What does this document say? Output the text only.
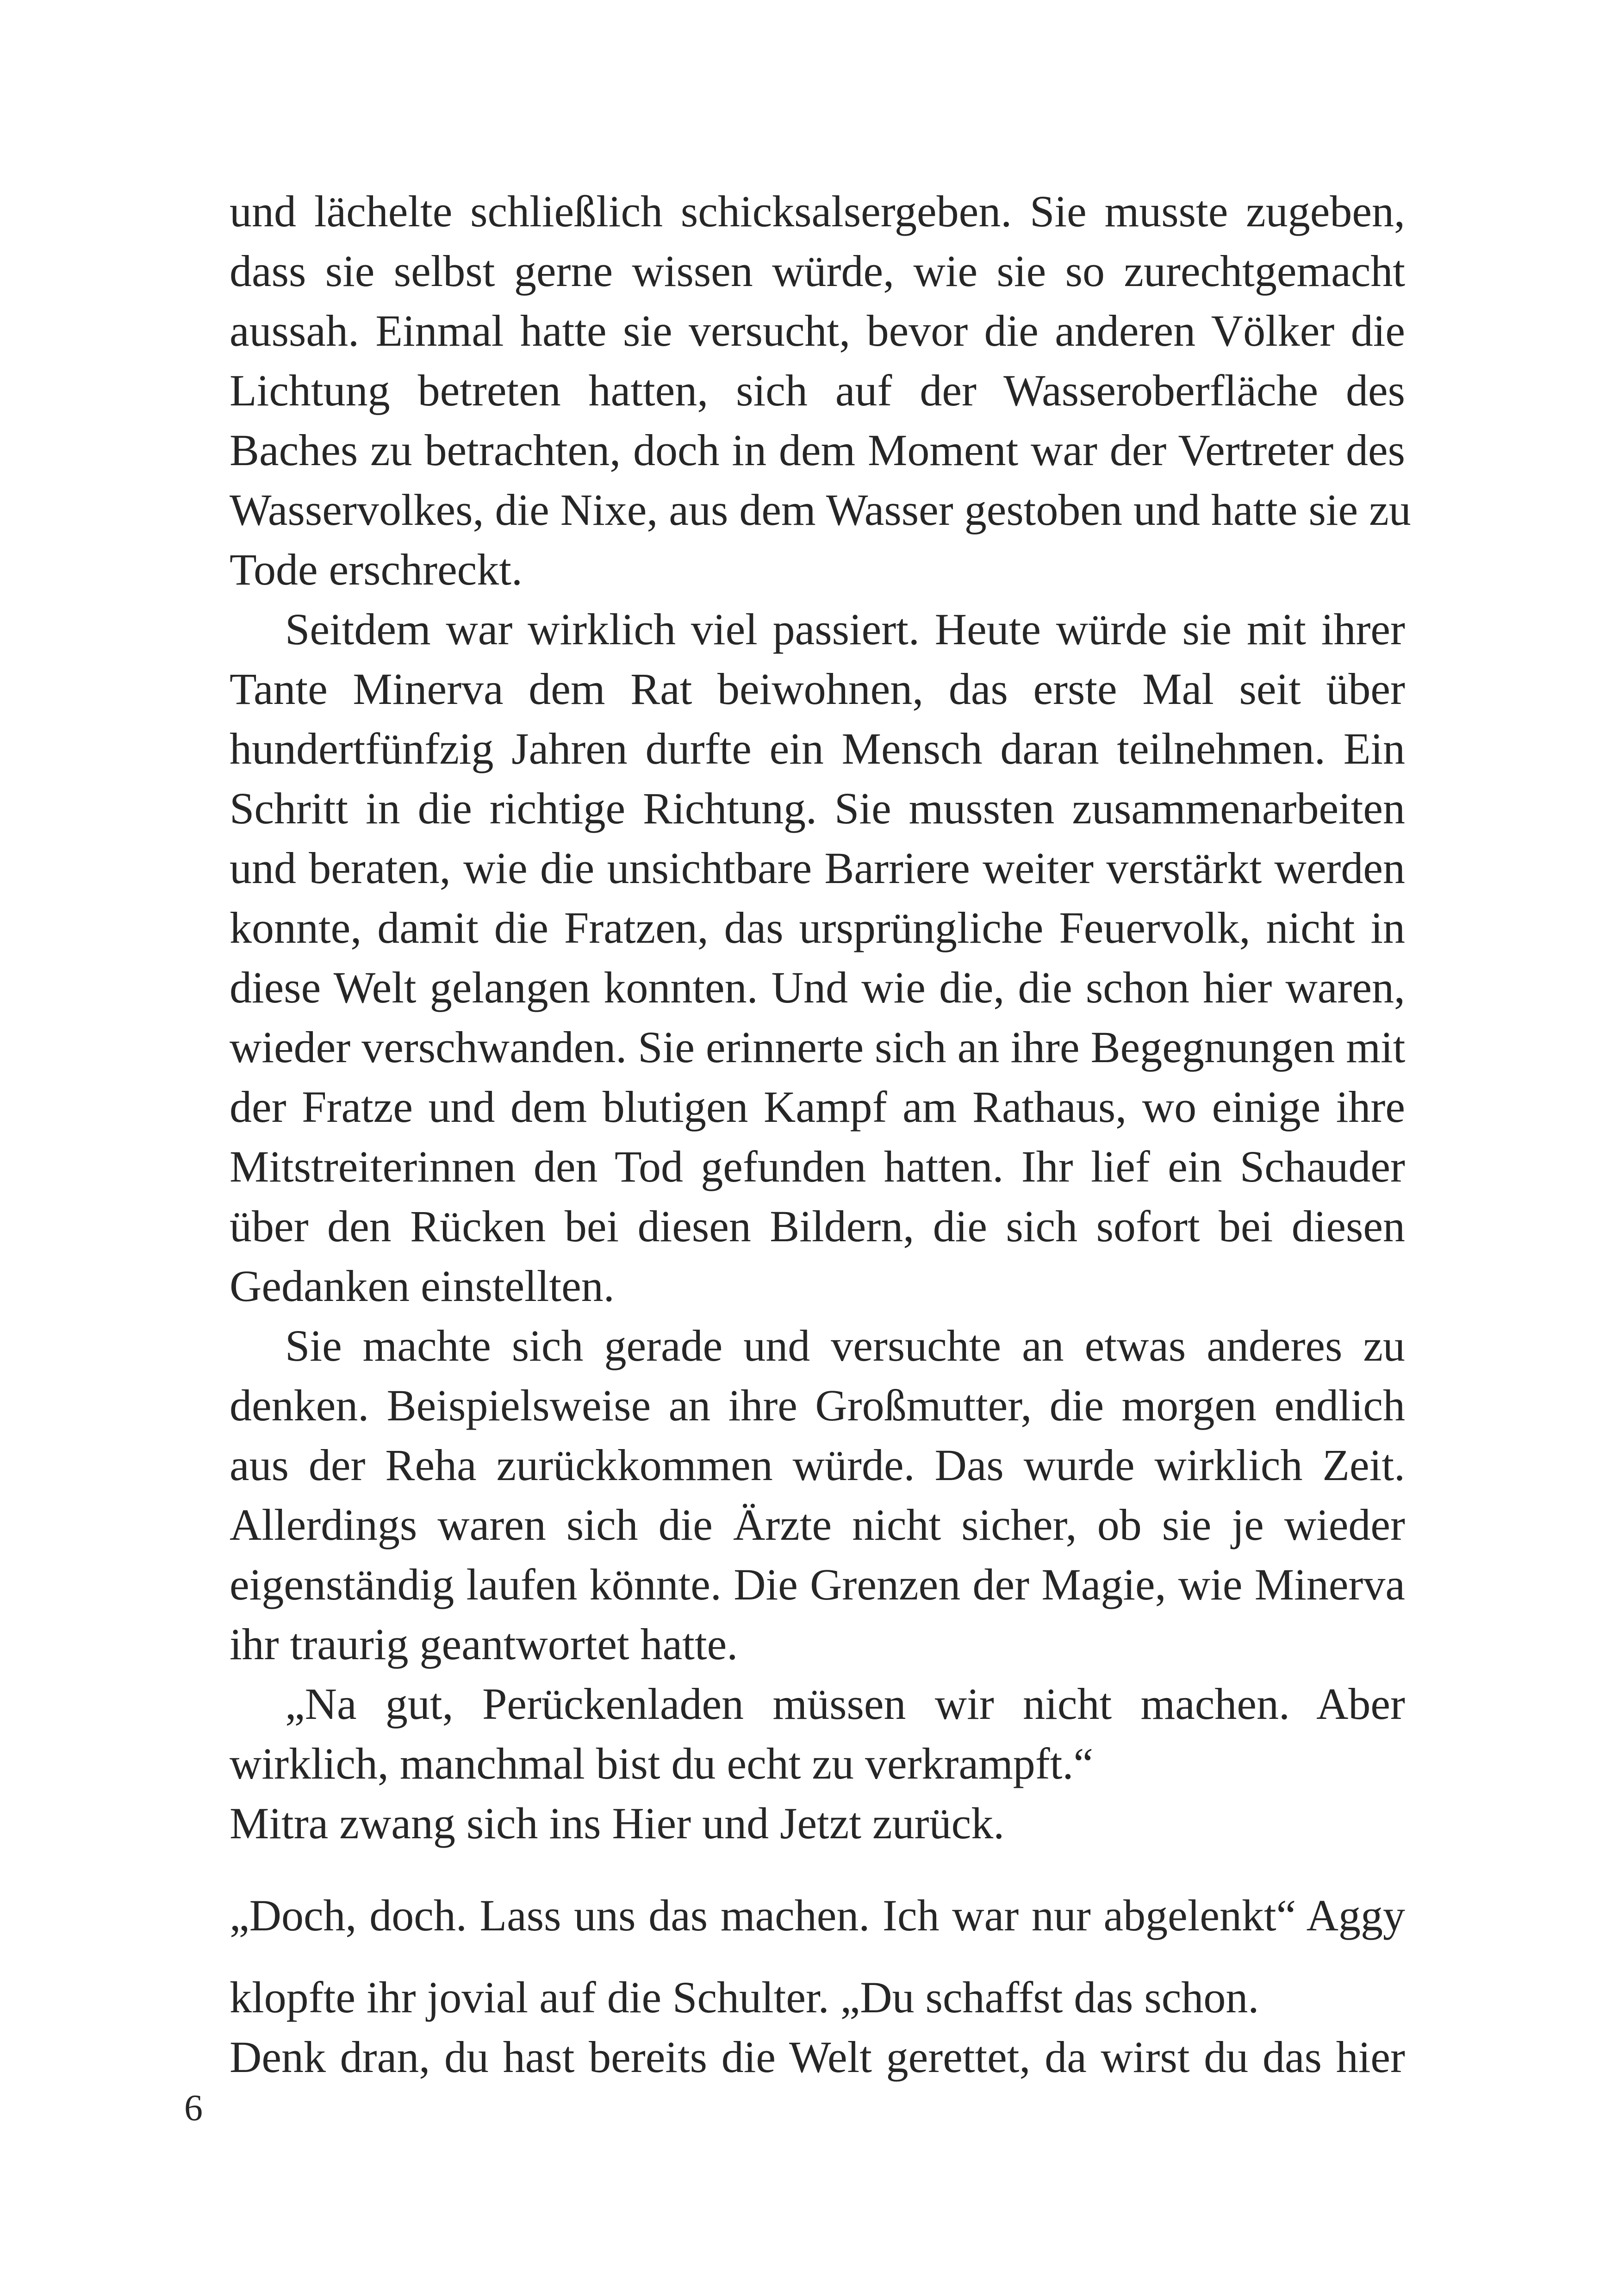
und lächelte schließlich schicksalsergeben. Sie musste zugeben,
dass sie selbst gerne wissen würde, wie sie so zurechtgemacht
aussah. Einmal hatte sie versucht, bevor die anderen Völker die
Lichtung betreten hatten, sich auf der Wasseroberfläche des
Baches zu betrachten, doch in dem Moment war der Vertreter des
Wasservolkes, die Nixe, aus dem Wasser gestoben und hatte sie zu
Tode erschreckt.
Seitdem war wirklich viel passiert. Heute würde sie mit ihrer
Tante Minerva dem Rat beiwohnen, das erste Mal seit über
hundertfünfzig Jahren durfte ein Mensch daran teilnehmen. Ein
Schritt in die richtige Richtung. Sie mussten zusammenarbeiten
und beraten, wie die unsichtbare Barriere weiter verstärkt werden
konnte, damit die Fratzen, das ursprüngliche Feuervolk, nicht in
diese Welt gelangen konnten. Und wie die, die schon hier waren,
wieder verschwanden. Sie erinnerte sich an ihre Begegnungen mit
der Fratze und dem blutigen Kampf am Rathaus, wo einige ihre
Mitstreiterinnen den Tod gefunden hatten. Ihr lief ein Schauder
über den Rücken bei diesen Bildern, die sich sofort bei diesen
Gedanken einstellten.
Sie machte sich gerade und versuchte an etwas anderes zu
denken. Beispielsweise an ihre Großmutter, die morgen endlich
aus der Reha zurückkommen würde. Das wurde wirklich Zeit.
Allerdings waren sich die Ärzte nicht sicher, ob sie je wieder
eigenständig laufen könnte. Die Grenzen der Magie, wie Minerva
ihr traurig geantwortet hatte.
„Na gut, Perückenladen müssen wir nicht machen. Aber
wirklich, manchmal bist du echt zu verkrampft.“
Mitra zwang sich ins Hier und Jetzt zurück.
„Doch, doch. Lass uns das machen. Ich war nur abgelenkt“ Aggy
klopfte ihr jovial auf die Schulter. „Du schaffst das schon.
Denk dran, du hast bereits die Welt gerettet, da wirst du das hier
6
